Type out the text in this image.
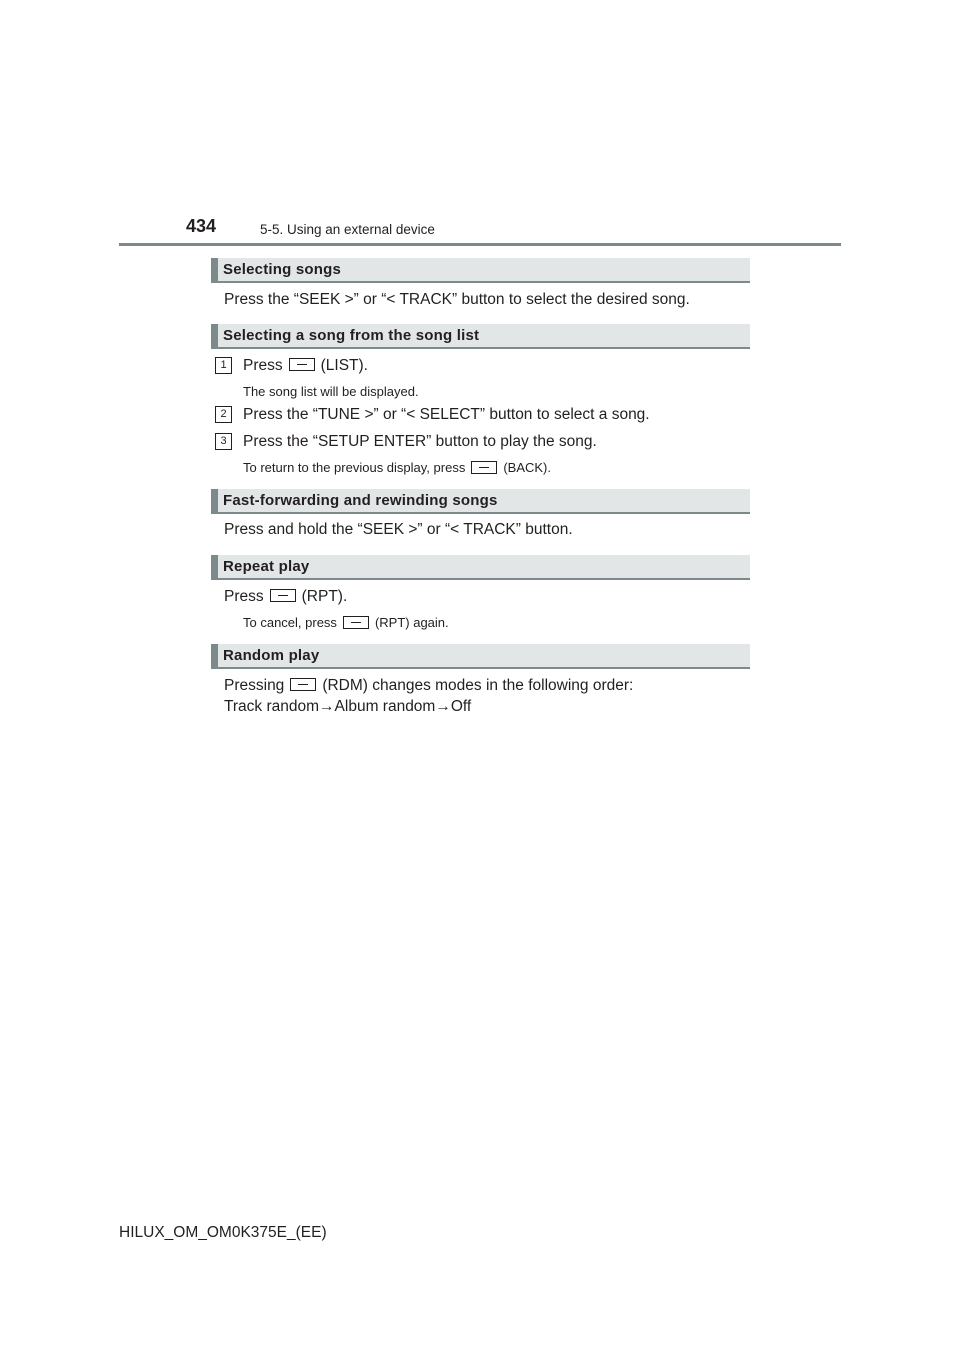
434	5-5. Using an external device
Selecting songs
Press the “SEEK >” or “< TRACK” button to select the desired song.
Selecting a song from the song list
1	Press (LIST).
The song list will be displayed.
2	Press the “TUNE >” or “< SELECT” button to select a song.
3	Press the “SETUP ENTER” button to play the song.
To return to the previous display, press	(BACK).
Fast-forwarding and rewinding songs
Press and hold the “SEEK >” or “< TRACK” button.
Repeat play
Press (RPT).
To cancel, press	(RPT) again.
Random play
Pressing (RDM) changes modes in the following order:
Track random→Album random→Off
HILUX_OM_OM0K375E_(EE)
